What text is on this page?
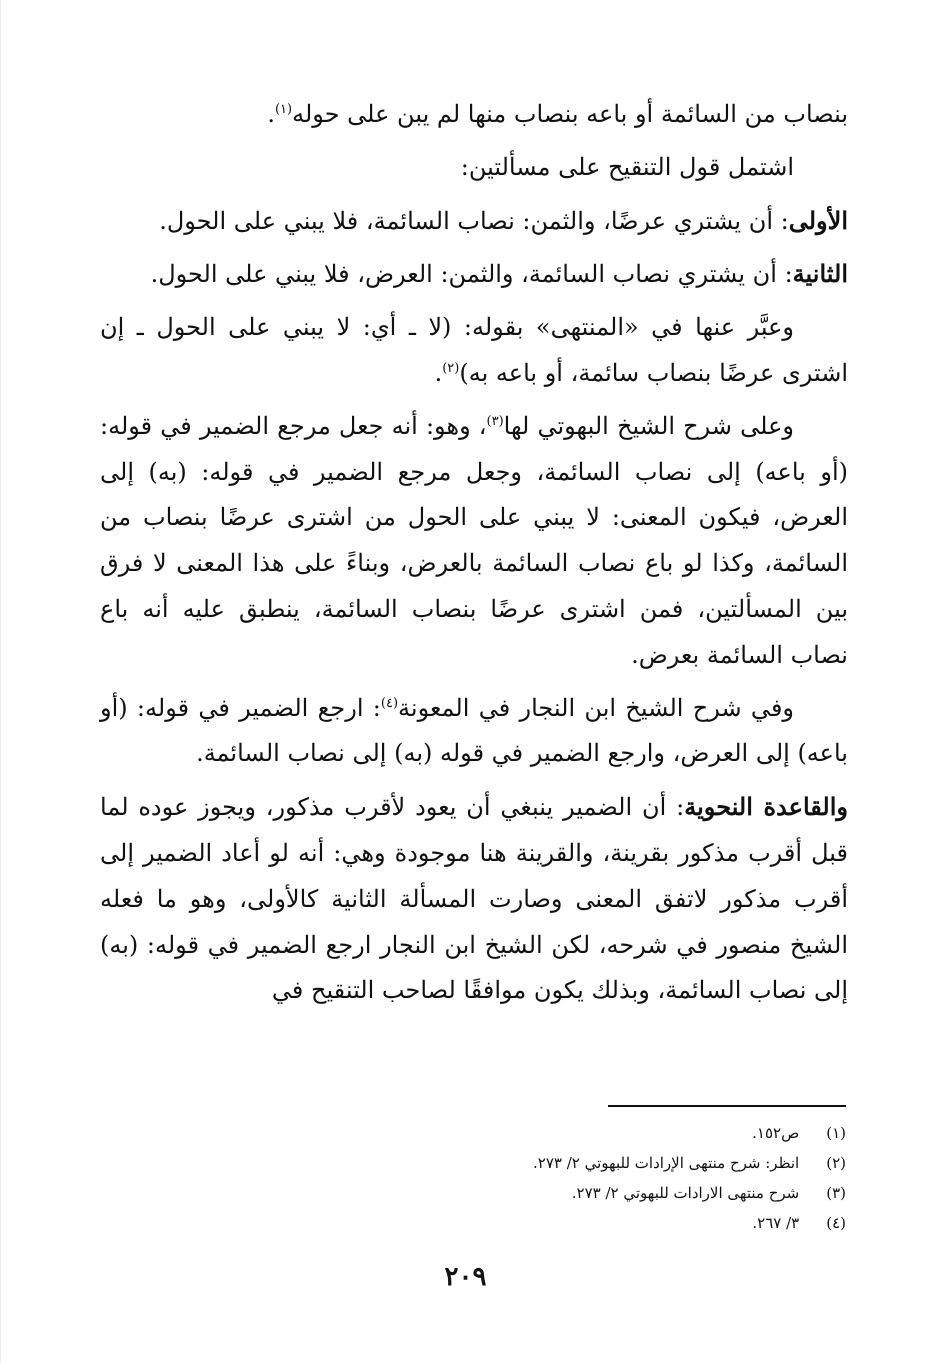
بنصاب من السائمة أو باعه بنصاب منها لم يبن على حوله$^{(١)}$.

اشتمل قول التنقيح على مسألتين:

الأولى: أن يشتري عرضًا، والثمن: نصاب السائمة، فلا يبني على الحول.

الثانية: أن يشتري نصاب السائمة، والثمن: العرض، فلا يبني على الحول.

وعبَّر عنها في «المنتهى» بقوله: (لا ـ أي: لا يبني على الحول ـ إن اشترى عرضًا بنصاب سائمة، أو باعه به)$^{(٢)}$.

وعلى شرح الشيخ البهوتي لها$^{(٣)}$، وهو: أنه جعل مرجع الضمير في قوله: (أو باعه) إلى نصاب السائمة، وجعل مرجع الضمير في قوله: (به) إلى العرض، فيكون المعنى: لا يبني على الحول من اشترى عرضًا بنصاب من السائمة، وكذا لو باع نصاب السائمة بالعرض، وبناءً على هذا المعنى لا فرق بين المسألتين، فمن اشترى عرضًا بنصاب السائمة، ينطبق عليه أنه باع نصاب السائمة بعرض.

وفي شرح الشيخ ابن النجار في المعونة$^{(٤)}$: ارجع الضمير في قوله: (أو باعه) إلى العرض، وارجع الضمير في قوله (به) إلى نصاب السائمة.

والقاعدة النحوية: أن الضمير ينبغي أن يعود لأقرب مذكور، ويجوز عوده لما قبل أقرب مذكور بقرينة، والقرينة هنا موجودة وهي: أنه لو أعاد الضمير إلى أقرب مذكور لاتفق المعنى وصارت المسألة الثانية كالأولى، وهو ما فعله الشيخ منصور في شرحه، لكن الشيخ ابن النجار ارجع الضمير في قوله: (به) إلى نصاب السائمة، وبذلك يكون موافقًا لصاحب التنقيح في

(١) ص١٥٢.
(٢) انظر: شرح منتهى الإرادات للبهوتي ٢/ ٢٧٣.
(٣) شرح منتهى الارادات للبهوتي ٢/ ٢٧٣.
(٤) ٣/ ٢٦٧.
٢٠٩
